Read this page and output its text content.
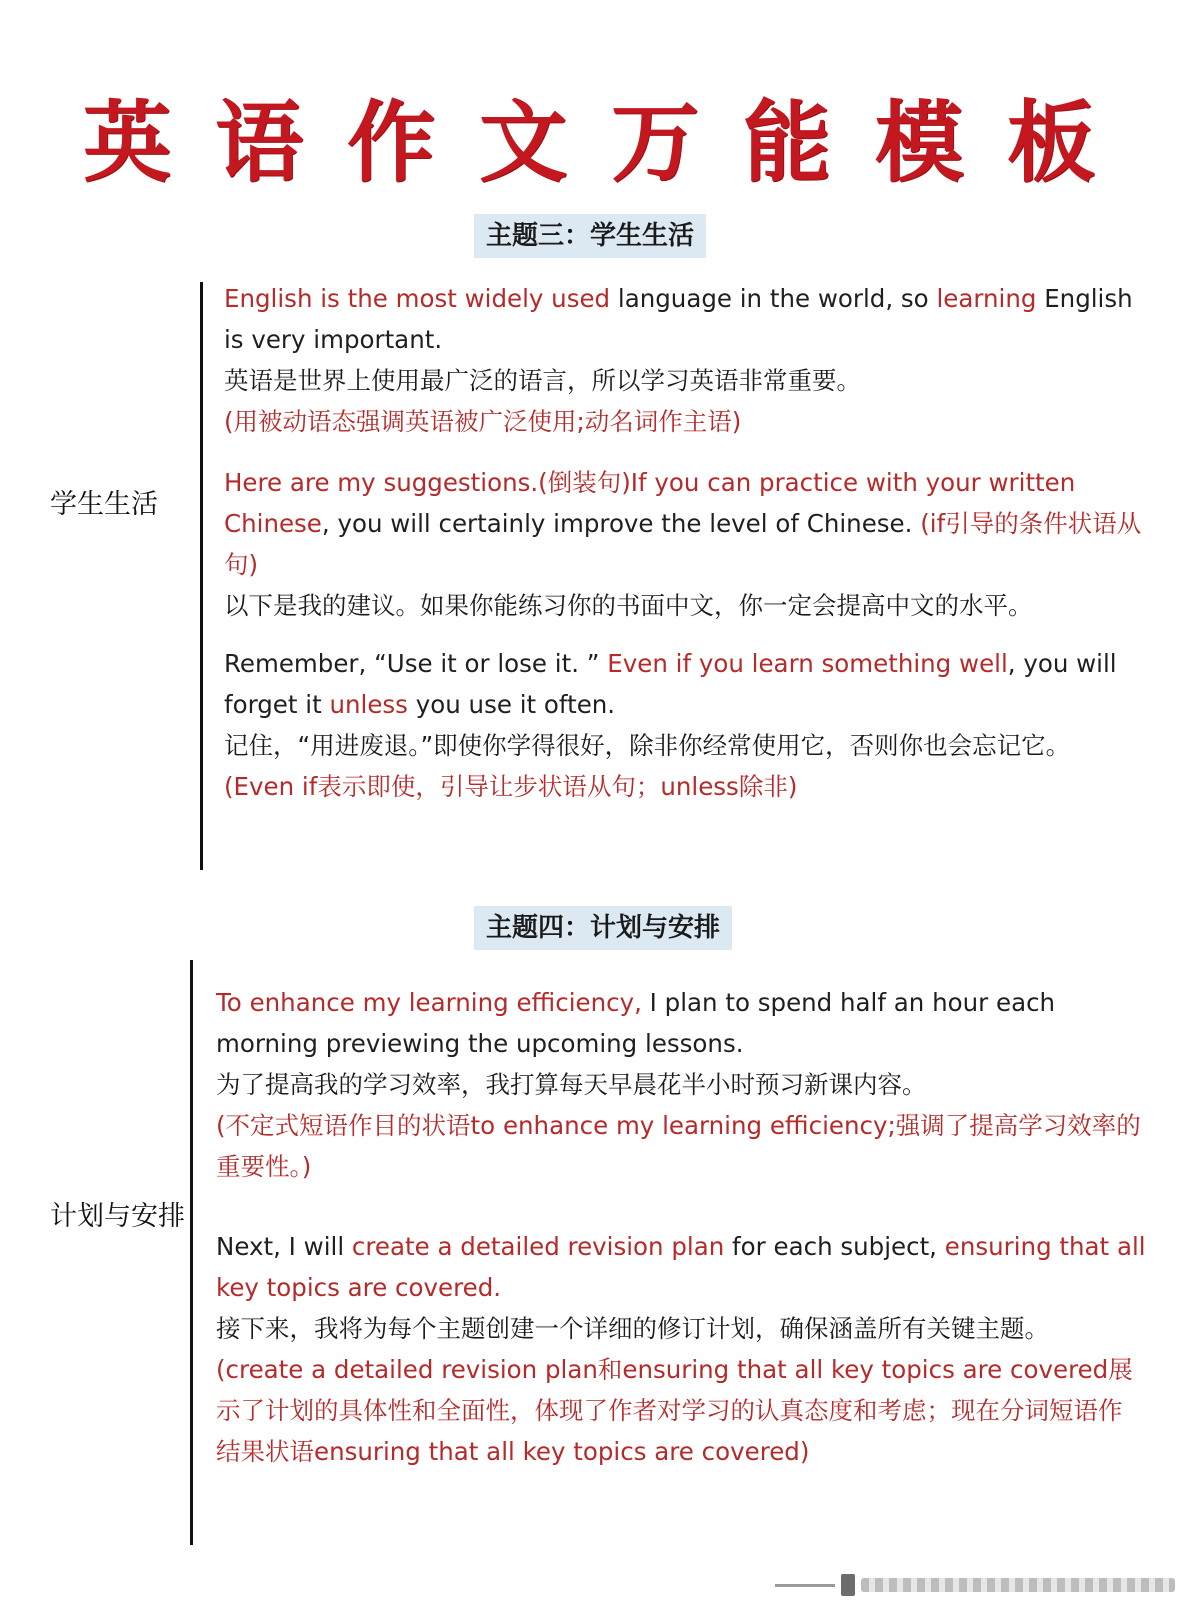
英语作文万能模板
主题三：学生生活
学生生活
English is the most widely used language in the world, so learning English is very important.
英语是世界上使用最广泛的语言，所以学习英语非常重要。
(用被动语态强调英语被广泛使用;动名词作主语)
Here are my suggestions.(倒装句)If you can practice with your written Chinese, you will certainly improve the level of Chinese. (if引导的条件状语从句)
以下是我的建议。如果你能练习你的书面中文，你一定会提高中文的水平。
Remember, “Use it or lose it. ” Even if you learn something well, you will forget it unless you use it often.
记住，“用进废退。”即使你学得很好，除非你经常使用它，否则你也会忘记它。
(Even if表示即使，引导让步状语从句；unless除非)
主题四：计划与安排
计划与安排
To enhance my learning efficiency, I plan to spend half an hour each morning previewing the upcoming lessons.
为了提高我的学习效率，我打算每天早晨花半小时预习新课内容。
(不定式短语作目的状语to enhance my learning efficiency;强调了提高学习效率的重要性。)
Next, I will create a detailed revision plan for each subject, ensuring that all key topics are covered.
接下来，我将为每个主题创建一个详细的修订计划，确保涵盖所有关键主题。
(create a detailed revision plan和ensuring that all key topics are covered展示了计划的具体性和全面性，体现了作者对学习的认真态度和考虑；现在分词短语作结果状语ensuring that all key topics are covered)
